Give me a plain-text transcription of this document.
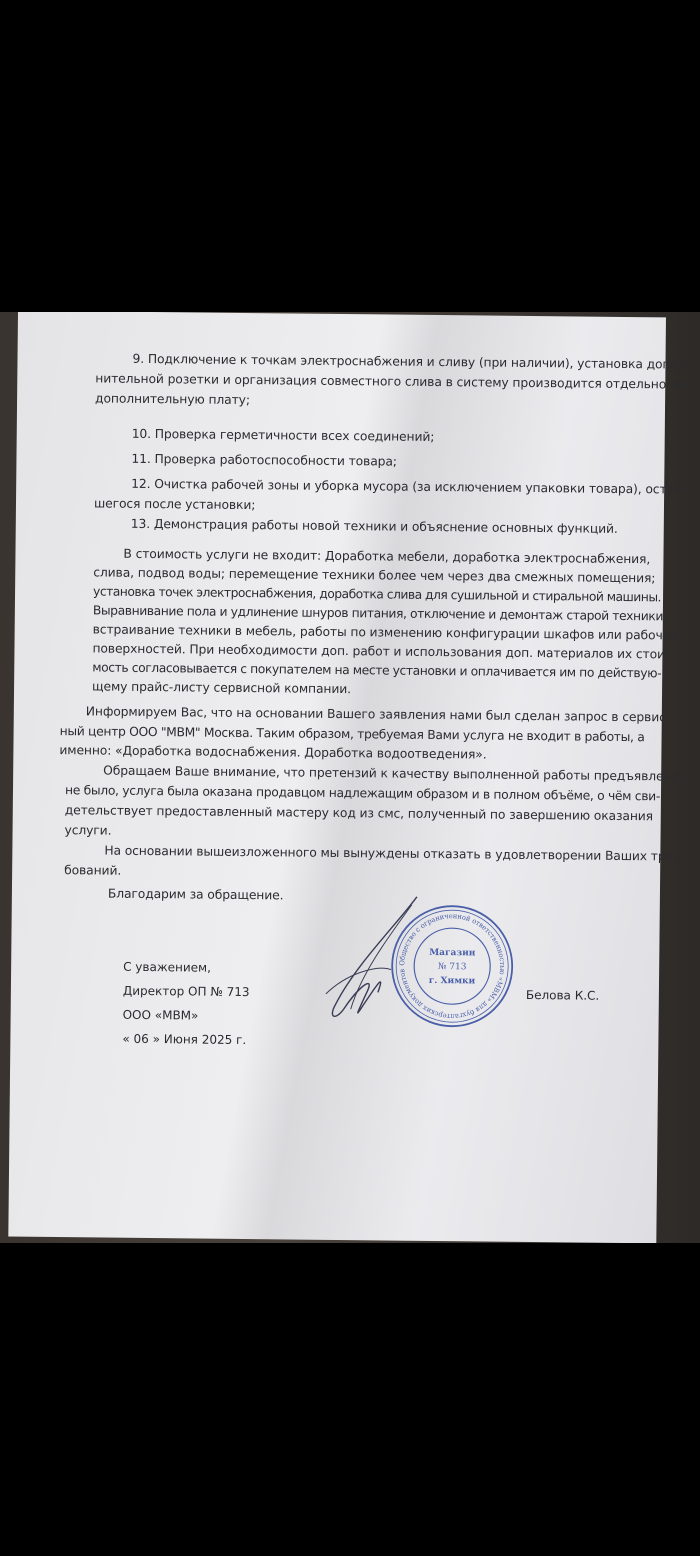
9. Подключение к точкам электроснабжения и сливу (при наличии), установка допол-
нительной розетки и организация совместного слива в систему производится отдельно за
дополнительную плату;
10. Проверка герметичности всех соединений;
11. Проверка работоспособности товара;
12. Очистка рабочей зоны и уборка мусора (за исключением упаковки товара), остав-
шегося после установки;
13. Демонстрация работы новой техники и объяснение основных функций.
В стоимость услуги не входит: Доработка мебели, доработка электроснабжения,
слива, подвод воды; перемещение техники более чем через два смежных помещения;
установка точек электроснабжения, доработка слива для сушильной и стиральной машины.
Выравнивание пола и удлинение шнуров питания, отключение и демонтаж старой техники,
встраивание техники в мебель, работы по изменению конфигурации шкафов или рабочих
поверхностей. При необходимости доп. работ и использования доп. материалов их стои-
мость согласовывается с покупателем на месте установки и оплачивается им по действую-
щему прайс-листу сервисной компании.
Информируем Вас, что на основании Вашего заявления нами был сделан запрос в сервис-
ный центр ООО "МВМ" Москва. Таким образом, требуемая Вами услуга не входит в работы, а
именно: «Доработка водоснабжения. Доработка водоотведения».
Обращаем Ваше внимание, что претензий к качеству выполненной работы предъявлено
не было, услуга была оказана продавцом надлежащим образом и в полном объёме, о чём сви-
детельствует предоставленный мастеру код из смс, полученный по завершению оказания
услуги.
На основании вышеизложенного мы вынуждены отказать в удовлетворении Ваших тре-
бований.
Благодарим за обращение.
С уважением,
Директор ОП № 713
ООО «МВМ»
« 06 » Июня 2025 г.
Белова К.С.
Общество с ограниченной ответственностью «МВМ» для бухгалтерских документов
Магазин
№ 713
г. Химки
